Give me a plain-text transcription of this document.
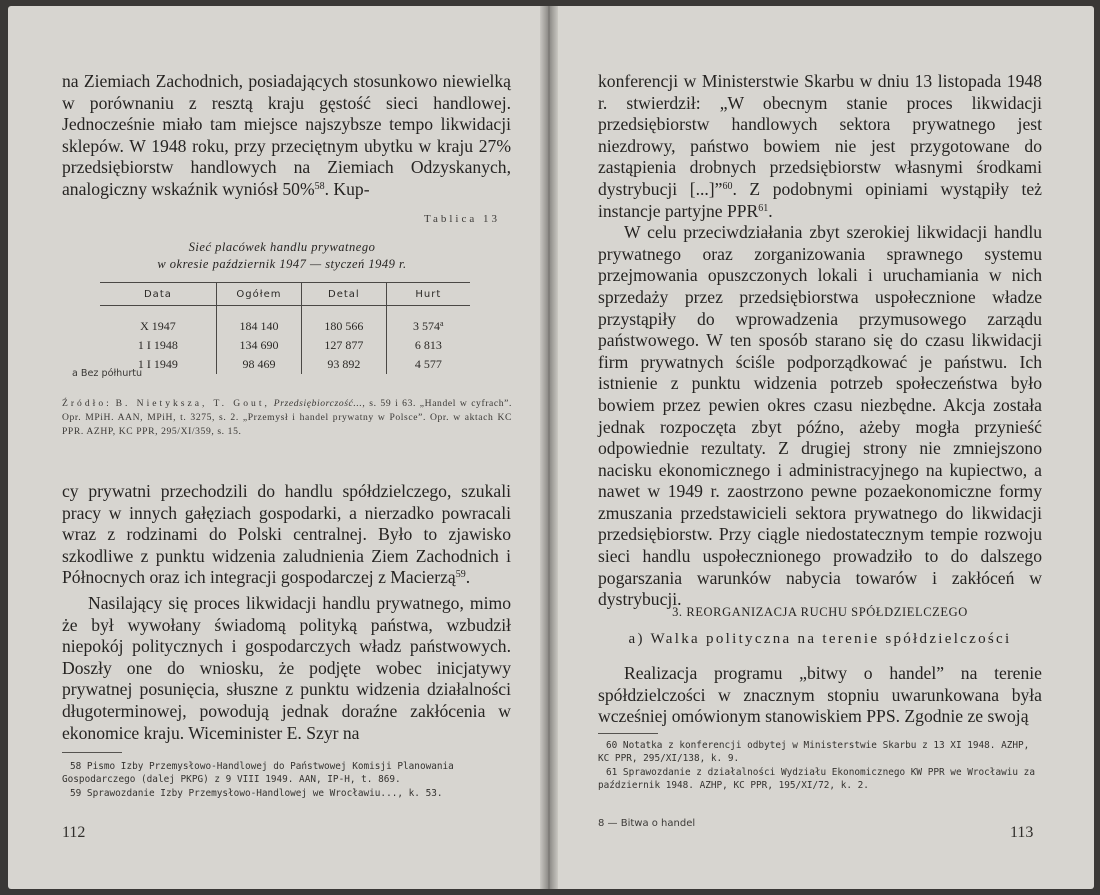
na Ziemiach Zachodnich, posiadających stosunkowo niewielką w porównaniu z resztą kraju gęstość sieci handlowej. Jednocześnie miało tam miejsce najszybsze tempo likwidacji sklepów. W 1948 roku, przy przeciętnym ubytku w kraju 27% przedsiębiorstw handlowych na Ziemiach Odzyskanych, analogiczny wskaźnik wyniósł 50%$^{58}$. Kup-

Tablica 13
Sieć placówek handlu prywatnego
w okresie październik 1947 — styczeń 1949 r.
Data	Ogółem	Detal	Hurt
X 1947	184 140	180 566	3 574$^a$
1 I 1948	134 690	127 877	6 813
1 I 1949	98 469	93 892	4 577
a Bez półhurtu
Źródło: B. Nietyksza, T. Gout, Przedsiębiorczość..., s. 59 i 63. „Handel w cyfrach”. Opr. MPiH. AAN, MPiH, t. 3275, s. 2. „Przemysł i handel prywatny w Polsce”. Opr. w aktach KC PPR. AZHP, KC PPR, 295/XI/359, s. 15.

cy prywatni przechodzili do handlu spółdzielczego, szukali pracy w innych gałęziach gospodarki, a nierzadko powracali wraz z rodzinami do Polski centralnej. Było to zjawisko szkodliwe z punktu widzenia zaludnienia Ziem Zachodnich i Północnych oraz ich integracji gospodarczej z Macierzą$^{59}$.

Nasilający się proces likwidacji handlu prywatnego, mimo że był wywołany świadomą polityką państwa, wzbudził niepokój politycznych i gospodarczych władz państwowych. Doszły one do wniosku, że podjęte wobec inicjatywy prywatnej posunięcia, słuszne z punktu widzenia działalności długoterminowej, powodują jednak doraźne zakłócenia w ekonomice kraju. Wiceminister E. Szyr na

58 Pismo Izby Przemysłowo-Handlowej do Państwowej Komisji Planowania Gospodarczego (dalej PKPG) z 9 VIII 1949. AAN, IP-H, t. 869.

59 Sprawozdanie Izby Przemysłowo-Handlowej we Wrocławiu..., k. 53.

112

konferencji w Ministerstwie Skarbu w dniu 13 listopada 1948 r. stwierdził: „W obecnym stanie proces likwidacji przedsiębiorstw handlowych sektora prywatnego jest niezdrowy, państwo bowiem nie jest przygotowane do zastąpienia drobnych przedsiębiorstw własnymi środkami dystrybucji [...]”$^{60}$. Z podobnymi opiniami wystąpiły też instancje partyjne PPR$^{61}$.

W celu przeciwdziałania zbyt szerokiej likwidacji handlu prywatnego oraz zorganizowania sprawnego systemu przejmowania opuszczonych lokali i uruchamiania w nich sprzedaży przez przedsiębiorstwa uspołecznione władze przystąpiły do wprowadzenia przymusowego zarządu państwowego. W ten sposób starano się do czasu likwidacji firm prywatnych ściśle podporządkować je państwu. Ich istnienie z punktu widzenia potrzeb społeczeństwa było bowiem przez pewien okres czasu niezbędne. Akcja została jednak rozpoczęta zbyt późno, ażeby mogła przynieść odpowiednie rezultaty. Z drugiej strony nie zmniejszono nacisku ekonomicznego i administracyjnego na kupiectwo, a nawet w 1949 r. zaostrzono pewne pozaekonomiczne formy zmuszania przedstawicieli sektora prywatnego do likwidacji przedsiębiorstw. Przy ciągle niedostatecznym tempie rozwoju sieci handlu uspołecznionego prowadziło to do dalszego pogarszania warunków nabycia towarów i zakłóceń w dystrybucji.

3. REORGANIZACJA RUCHU SPÓŁDZIELCZEGO
a) Walka polityczna na terenie spółdzielczości

Realizacja programu „bitwy o handel” na terenie spółdzielczości w znacznym stopniu uwarunkowana była wcześniej omówionym stanowiskiem PPS. Zgodnie ze swoją

60 Notatka z konferencji odbytej w Ministerstwie Skarbu z 13 XI 1948. AZHP, KC PPR, 295/XI/138, k. 9.

61 Sprawozdanie z działalności Wydziału Ekonomicznego KW PPR we Wrocławiu za październik 1948. AZHP, KC PPR, 195/XI/72, k. 2.

8 — Bitwa o handel
113
